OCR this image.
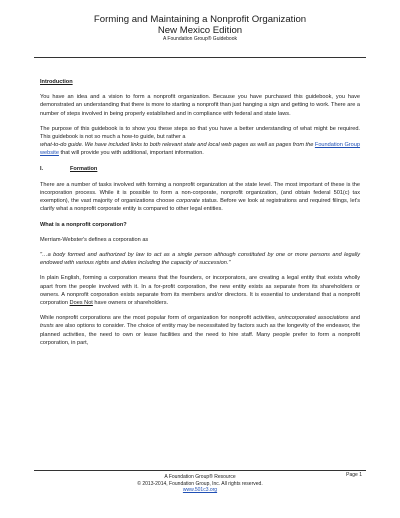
Forming and Maintaining a Nonprofit Organization
New Mexico Edition
A Foundation Group® Guidebook
Introduction

You have an idea and a vision to form a nonprofit organization. Because you have purchased this guidebook, you have demonstrated an understanding that there is more to starting a nonprofit than just hanging a sign and getting to work. There are a number of steps involved in being properly established and in compliance with federal and state laws.

The purpose of this guidebook is to show you these steps so that you have a better understanding of what might be required. This guidebook is not so much a how-to guide, but rather a
what-to-do guide. We have included links to both relevant state and local web pages as well as pages from the Foundation Group website that will provide you with additional, important information.

I.	Formation

There are a number of tasks involved with forming a nonprofit organization at the state level. The most important of these is the incorporation process. While it is possible to form a non-corporate, nonprofit organization, (and obtain federal 501(c) tax exemption), the vast majority of organizations choose corporate status. Before we look at registrations and required filings, let's clarify what a nonprofit corporate entity is compared to other legal entities.

What is a nonprofit corporation?

Merriam-Webster's defines a corporation as

"…a body formed and authorized by law to act as a single person although constituted by one or more persons and legally endowed with various rights and duties including the capacity of succession."

In plain English, forming a corporation means that the founders, or incorporators, are creating a legal entity that exists wholly apart from the people involved with it. In a for-profit corporation, the new entity exists as separate from its shareholders or owners. A nonprofit corporation exists separate from its members and/or directors. It is essential to understand that a nonprofit corporation Does Not have owners or shareholders.

While nonprofit corporations are the most popular form of organization for nonprofit activities, unincorporated associations and trusts are also options to consider. The choice of entity may be necessitated by factors such as the longevity of the endeavor, the planned activities, the need to own or lease facilities and the need to hire staff. Many people prefer to form a nonprofit corporation, in part,

Page 1
A Foundation Group® Resource
© 2013-2014, Foundation Group, Inc. All rights reserved.
www.501c3.org
